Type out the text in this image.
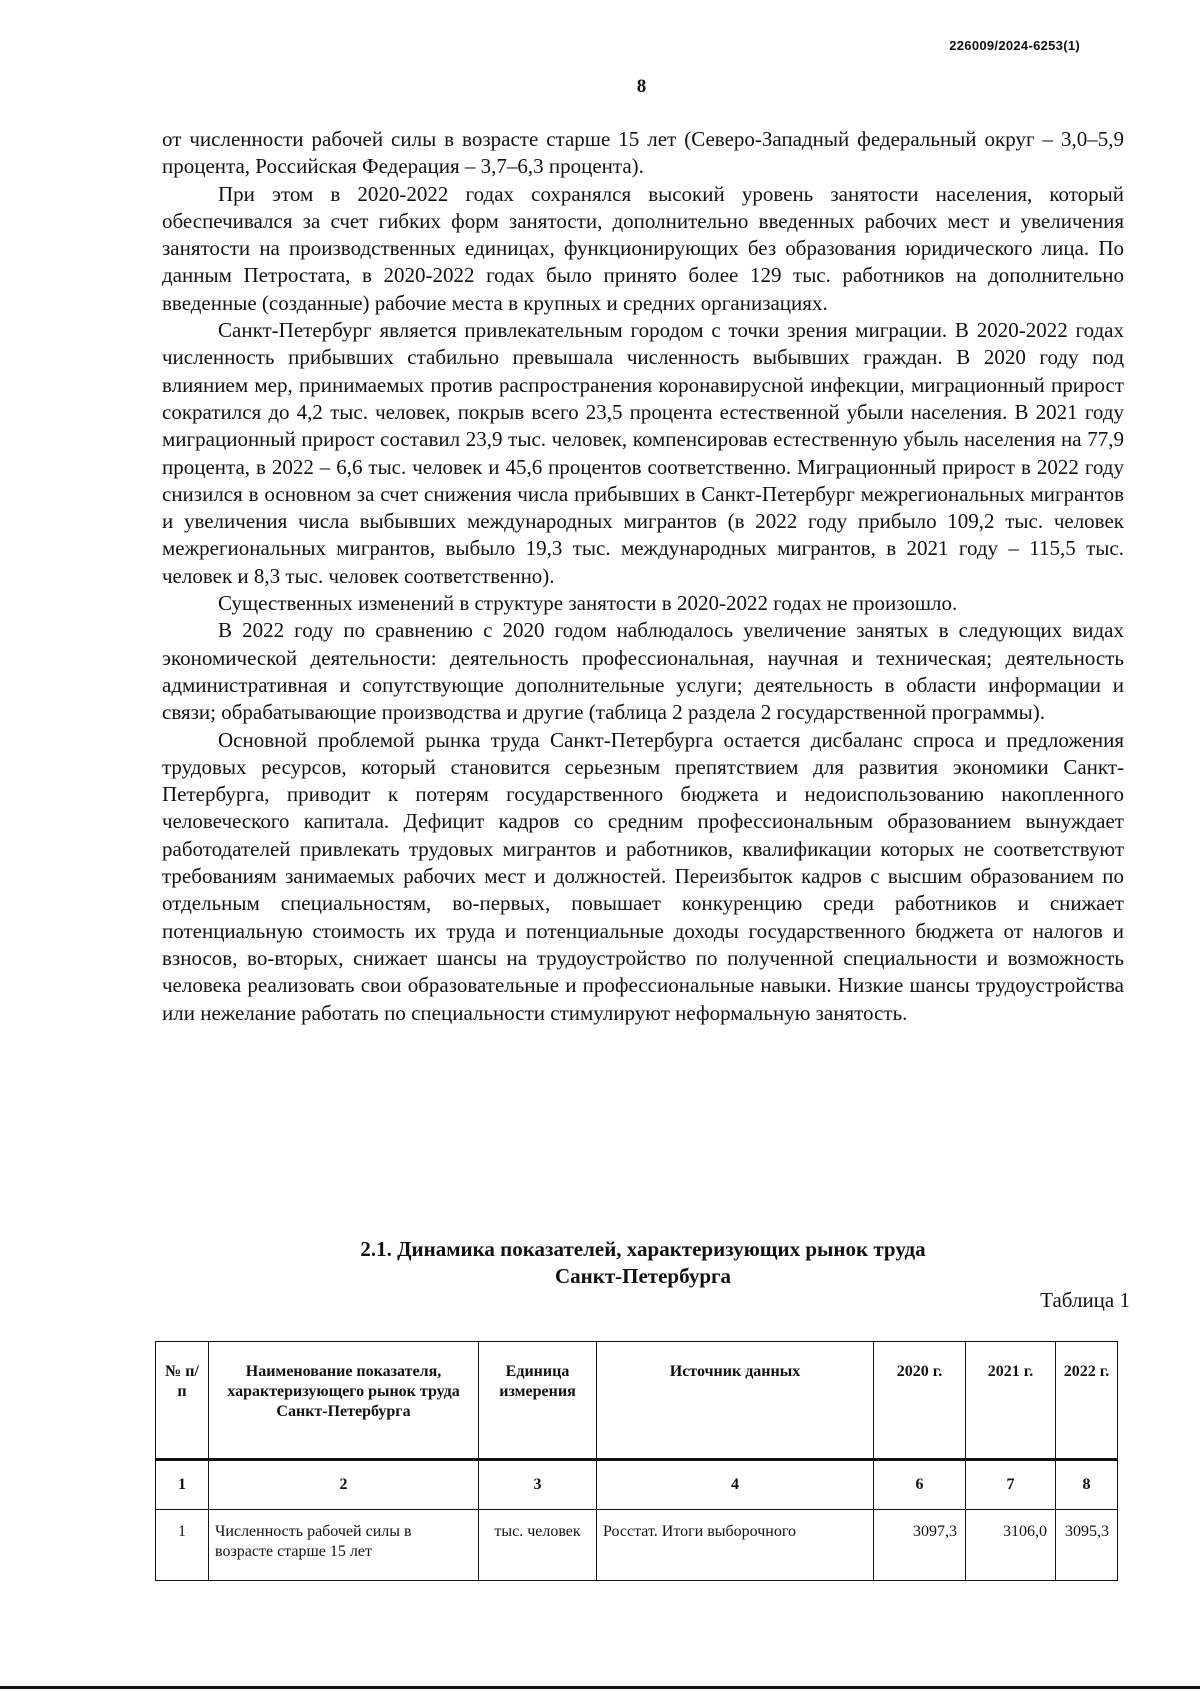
226009/2024-6253(1)
8

от численности рабочей силы в возрасте старше 15 лет (Северо-Западный федеральный округ – 3,0–5,9 процента, Российская Федерация – 3,7–6,3 процента).

При этом в 2020-2022 годах сохранялся высокий уровень занятости населения, который обеспечивался за счет гибких форм занятости, дополнительно введенных рабочих мест и увеличения занятости на производственных единицах, функционирующих без образования юридического лица. По данным Петростата, в 2020-2022 годах было принято более 129 тыс. работников на дополнительно введенные (созданные) рабочие места в крупных и средних организациях.

Санкт-Петербург является привлекательным городом с точки зрения миграции. В 2020-2022 годах численность прибывших стабильно превышала численность выбывших граждан. В 2020 году под влиянием мер, принимаемых против распространения коронавирусной инфекции, миграционный прирост сократился до 4,2 тыс. человек, покрыв всего 23,5 процента естественной убыли населения. В 2021 году миграционный прирост составил 23,9 тыс. человек, компенсировав естественную убыль населения на 77,9 процента, в 2022 – 6,6 тыс. человек и 45,6 процентов соответственно. Миграционный прирост в 2022 году снизился в основном за счет снижения числа прибывших в Санкт-Петербург межрегиональных мигрантов и увеличения числа выбывших международных мигрантов (в 2022 году прибыло 109,2 тыс. человек межрегиональных мигрантов, выбыло 19,3 тыс. международных мигрантов, в 2021 году – 115,5 тыс. человек и 8,3 тыс. человек соответственно).

Существенных изменений в структуре занятости в 2020-2022 годах не произошло.

В 2022 году по сравнению с 2020 годом наблюдалось увеличение занятых в следующих видах экономической деятельности: деятельность профессиональная, научная и техническая; деятельность административная и сопутствующие дополнительные услуги; деятельность в области информации и связи; обрабатывающие производства и другие (таблица 2 раздела 2 государственной программы).

Основной проблемой рынка труда Санкт-Петербурга остается дисбаланс спроса и предложения трудовых ресурсов, который становится серьезным препятствием для развития экономики Санкт-Петербурга, приводит к потерям государственного бюджета и недоиспользованию накопленного человеческого капитала. Дефицит кадров со средним профессиональным образованием вынуждает работодателей привлекать трудовых мигрантов и работников, квалификации которых не соответствуют требованиям занимаемых рабочих мест и должностей. Переизбыток кадров с высшим образованием по отдельным специальностям, во-первых, повышает конкуренцию среди работников и снижает потенциальную стоимость их труда и потенциальные доходы государственного бюджета от налогов и взносов, во-вторых, снижает шансы на трудоустройство по полученной специальности и возможность человека реализовать свои образовательные и профессиональные навыки. Низкие шансы трудоустройства или нежелание работать по специальности стимулируют неформальную занятость.

2.1. Динамика показателей, характеризующих рынок труда
Санкт-Петербурга
Таблица 1
№ п/п	Наименование показателя, характеризующего рынок труда Санкт-Петербурга	Единица измерения	Источник данных	2020 г.	2021 г.	2022 г.
1	2	3	4	6	7	8
1	Численность рабочей силы в возрасте старше 15 лет	тыс. человек	Росстат. Итоги выборочного	3097,3	3106,0	3095,3
